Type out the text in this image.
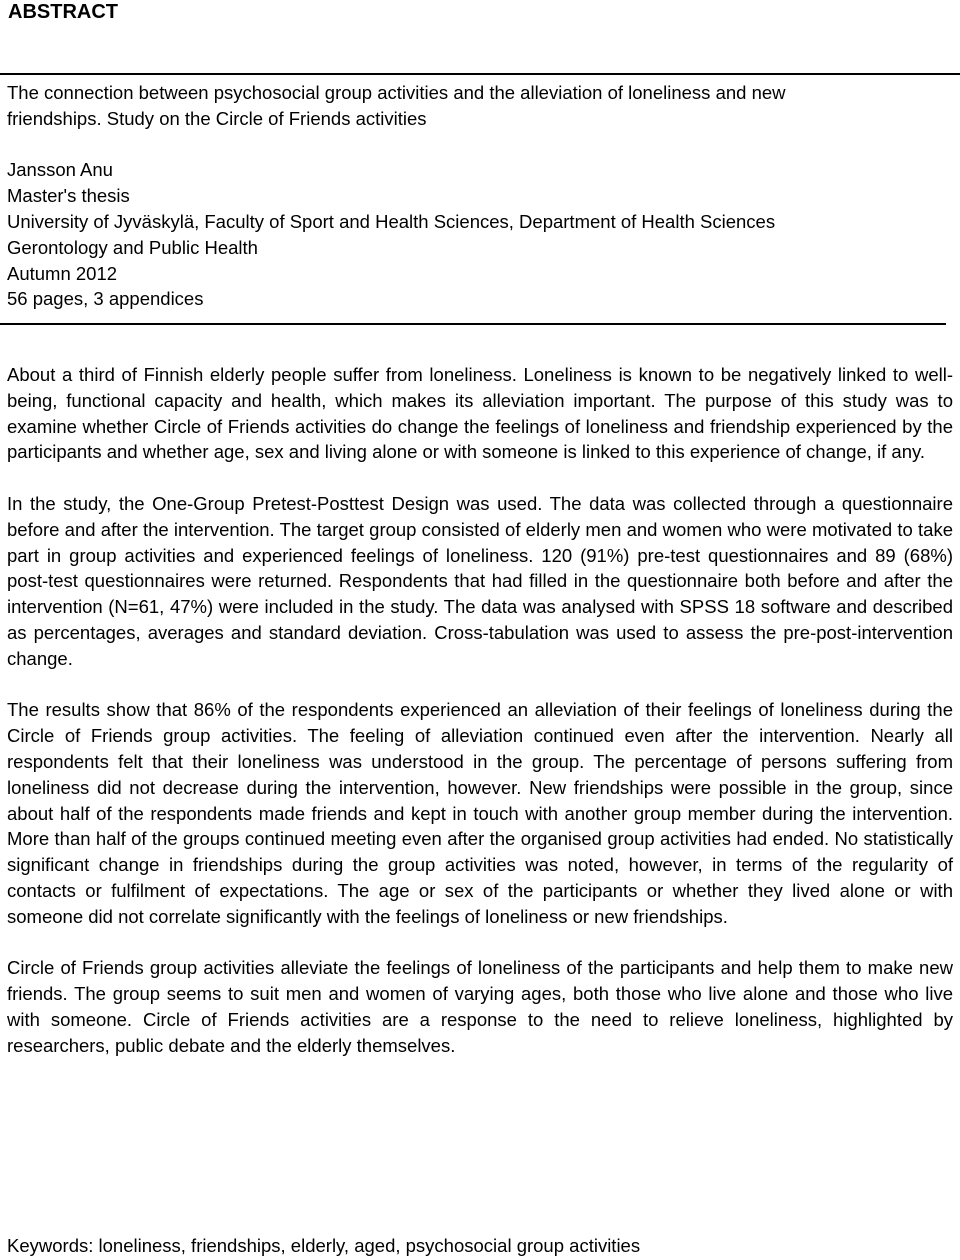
ABSTRACT
The connection between psychosocial group activities and the alleviation of loneliness and new
friendships. Study on the Circle of Friends activities

Jansson Anu
Master's thesis
University of Jyväskylä, Faculty of Sport and Health Sciences, Department of Health Sciences
Gerontology and Public Health
Autumn 2012
56 pages, 3 appendices

About a third of Finnish elderly people suffer from loneliness. Loneliness is known to be negatively linked to well-being, functional capacity and health, which makes its alleviation important. The purpose of this study was to examine whether Circle of Friends activities do change the feelings of loneliness and friendship experienced by the participants and whether age, sex and living alone or with someone is linked to this experience of change, if any.

In the study, the One-Group Pretest-Posttest Design was used. The data was collected through a questionnaire before and after the intervention. The target group consisted of elderly men and women who were motivated to take part in group activities and experienced feelings of loneliness. 120 (91%) pre-test questionnaires and 89 (68%) post-test questionnaires were returned. Respondents that had filled in the questionnaire both before and after the intervention (N=61, 47%) were included in the study. The data was analysed with SPSS 18 software and described as percentages, averages and standard deviation. Cross-tabulation was used to assess the pre-post-intervention change.

The results show that 86% of the respondents experienced an alleviation of their feelings of loneliness during the Circle of Friends group activities. The feeling of alleviation continued even after the intervention. Nearly all respondents felt that their loneliness was understood in the group. The percentage of persons suffering from loneliness did not decrease during the intervention, however. New friendships were possible in the group, since about half of the respondents made friends and kept in touch with another group member during the intervention. More than half of the groups continued meeting even after the organised group activities had ended. No statistically significant change in friendships during the group activities was noted, however, in terms of the regularity of contacts or fulfilment of expectations. The age or sex of the participants or whether they lived alone or with someone did not correlate significantly with the feelings of loneliness or new friendships.

Circle of Friends group activities alleviate the feelings of loneliness of the participants and help them to make new friends. The group seems to suit men and women of varying ages, both those who live alone and those who live with someone. Circle of Friends activities are a response to the need to relieve loneliness, highlighted by researchers, public debate and the elderly themselves.

Keywords: loneliness, friendships, elderly, aged, psychosocial group activities
